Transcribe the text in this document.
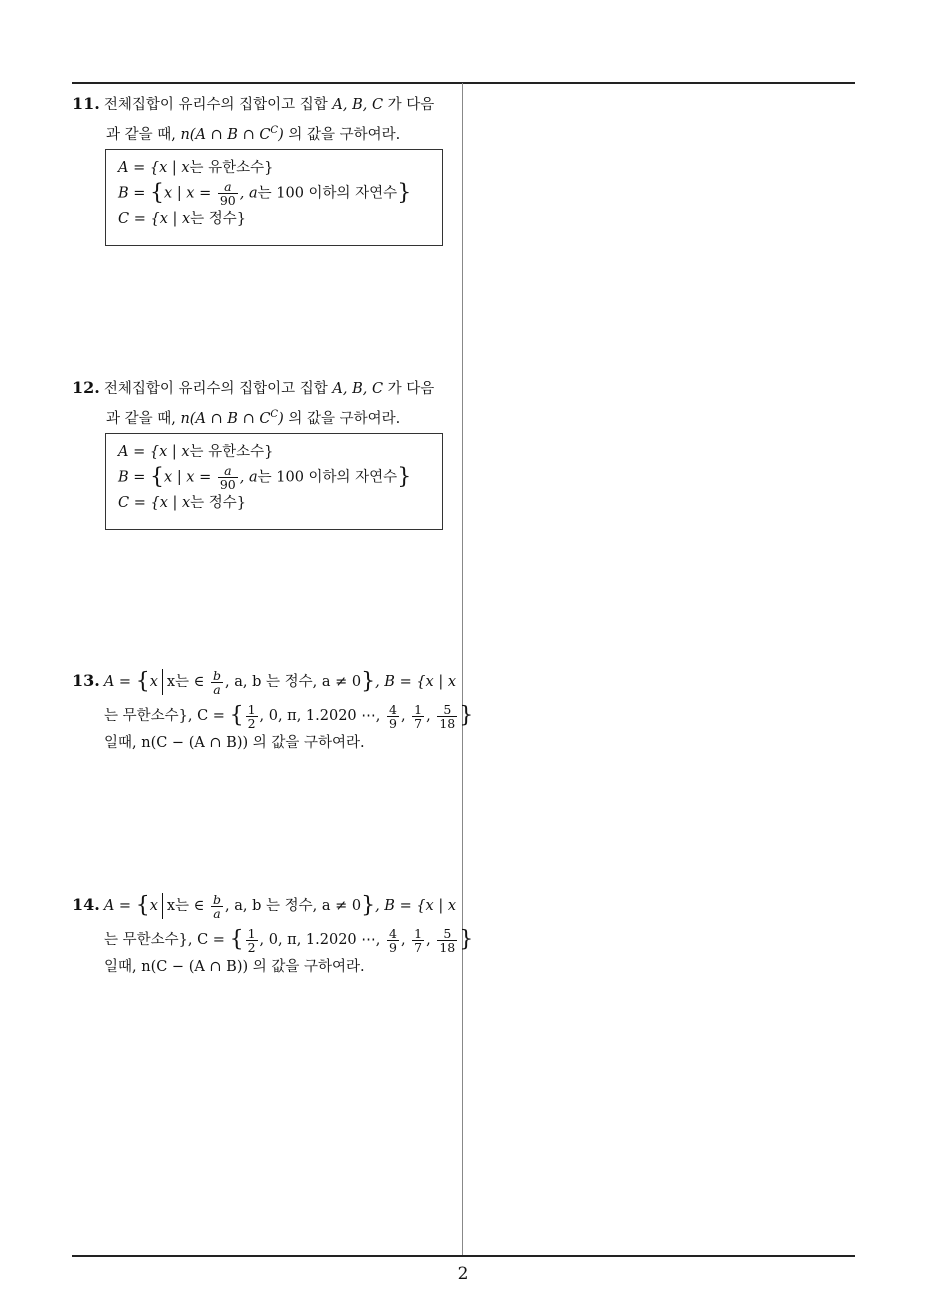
11. 전체집합이 유리수의 집합이고 집합 A, B, C 가 다음
과 같을 때, n(A ∩ B ∩ $C^C$) 의 값을 구하여라.
A = {x | x는 유한소수}
B = {x | $x = \frac{a}{90}$ , a는 100 이하의 자연수}
C = {x | x는 정수}
12. 전체집합이 유리수의 집합이고 집합 A, B, C 가 다음
과 같을 때, n(A ∩ B ∩ $C^C$) 의 값을 구하여라.
A = {x | x는 유한소수}
B = {x | $x = \frac{a}{90}$ , a는 100 이하의 자연수}
C = {x | x는 정수}
13. A = {x x는 ∈ $\frac{b}{a}$ , a, b 는 정수, a ≠ 0}, B = {x | x
는 무한소수}, C = { $\frac{1}{2}$ , 0, π, 1.2020 ⋯, $\frac{4}{9}$ , $\frac{1}{7}$ , $\frac{5}{18}$ }
일때, n(C − (A ∩ B)) 의 값을 구하여라.
14. A = {x x는 ∈ $\frac{b}{a}$ , a, b 는 정수, a ≠ 0}, B = {x | x
는 무한소수}, C = { $\frac{1}{2}$ , 0, π, 1.2020 ⋯, $\frac{4}{9}$ , $\frac{1}{7}$ , $\frac{5}{18}$ }
일때, n(C − (A ∩ B)) 의 값을 구하여라.
2
